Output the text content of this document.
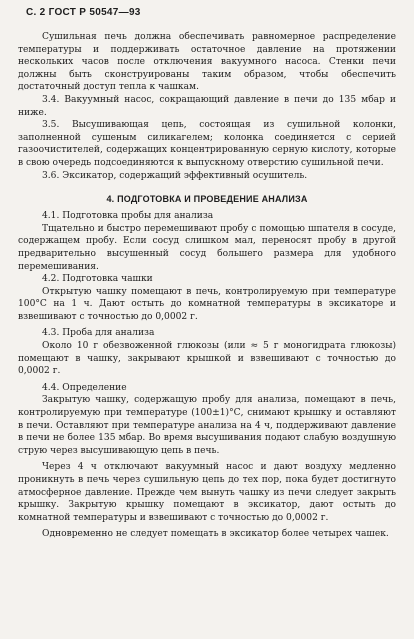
С. 2 ГОСТ Р 50547—93

Сушильная печь должна обеспечивать равномерное распределение температуры и поддерживать остаточное давление на протяжении нескольких часов после отключения вакуумного насоса. Стенки печи должны быть сконструированы таким образом, чтобы обеспечить достаточный доступ тепла к чашкам.

3.4. Вакуумный насос, сокращающий давление в печи до 135 мбар и ниже.

3.5. Высушивающая цепь, состоящая из сушильной колонки, заполненной сушеным силикагелем; колонка соединяется с серией газоочистителей, содержащих концентрированную серную кислоту, которые в свою очередь подсоединяются к выпускному отверстию сушильной печи.

3.6. Эксикатор, содержащий эффективный осушитель.

4. ПОДГОТОВКА И ПРОВЕДЕНИЕ АНАЛИЗА

4.1. Подготовка пробы для анализа

Тщательно и быстро перемешивают пробу с помощью шпателя в сосуде, содержащем пробу. Если сосуд слишком мал, переносят пробу в другой предварительно высушенный сосуд большего размера для удобного перемешивания.

4.2. Подготовка чашки

Открытую чашку помещают в печь, контролируемую при температуре 100°С на 1 ч. Дают остыть до комнатной температуры в эксикаторе и взвешивают с точностью до 0,0002 г.

4.3. Проба для анализа

Около 10 г обезвоженной глюкозы (или ≈ 5 г моногидрата глюкозы) помещают в чашку, закрывают крышкой и взвешивают с точностью до 0,0002 г.

4.4. Определение

Закрытую чашку, содержащую пробу для анализа, помещают в печь, контролируемую при температуре (100±1)°С, снимают крышку и оставляют в печи. Оставляют при температуре анализа на 4 ч, поддерживают давление в печи не более 135 мбар. Во время высушивания подают слабую воздушную струю через высушивающую цепь в печь.

Через 4 ч отключают вакуумный насос и дают воздуху медленно проникнуть в печь через сушильную цепь до тех пор, пока будет достигнуто атмосферное давление. Прежде чем вынуть чашку из печи следует закрыть крышку. Закрытую крышку помещают в эксикатор, дают остыть до комнатной температуры и взвешивают с точностью до 0,0002 г.

Одновременно не следует помещать в эксикатор более четырех чашек.
